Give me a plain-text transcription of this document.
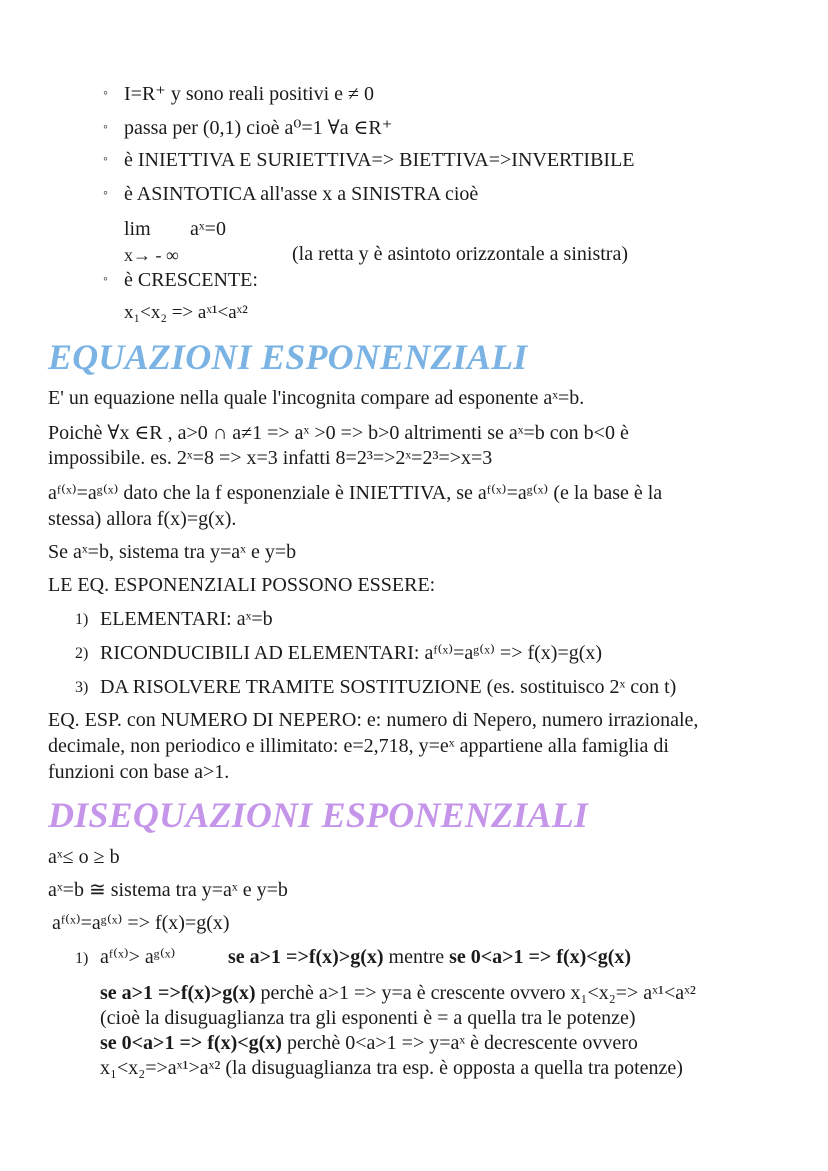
◦ I=R⁺ y sono reali positivi e ≠ 0
◦ passa per (0,1) cioè a⁰=1 ∀a ∈R⁺
◦ è INIETTIVA E SURIETTIVA=> BIETTIVA=>INVERTIBILE
◦ è ASINTOTICA all'asse x a SINISTRA cioè
lim aˣ=0
x→ - ∞	(la retta y è asintoto orizzontale a sinistra)
◦ è CRESCENTE:
x₁<x₂ => aˣ¹<aˣ²
EQUAZIONI ESPONENZIALI
E' un equazione nella quale l'incognita compare ad esponente aˣ=b.
Poichè ∀x ∈R , a>0 ∩ a≠1 => aˣ >0 => b>0 altrimenti se aˣ=b con b<0 è
impossibile. es. 2ˣ=8 => x=3 infatti 8=2³=>2ˣ=2³=>x=3
aᶠ⁽ˣ⁾=aᵍ⁽ˣ⁾ dato che la f esponenziale è INIETTIVA, se aᶠ⁽ˣ⁾=aᵍ⁽ˣ⁾ (e la base è la
stessa) allora f(x)=g(x).
Se aˣ=b, sistema tra y=aˣ e y=b
LE EQ. ESPONENZIALI POSSONO ESSERE:
1) ELEMENTARI: aˣ=b
2) RICONDUCIBILI AD ELEMENTARI: aᶠ⁽ˣ⁾=aᵍ⁽ˣ⁾ => f(x)=g(x)
3) DA RISOLVERE TRAMITE SOSTITUZIONE (es. sostituisco 2ˣ con t)
EQ. ESP. con NUMERO DI NEPERO: e: numero di Nepero, numero irrazionale,
decimale, non periodico e illimitato: e=2,718, y=eˣ appartiene alla famiglia di
funzioni con base a>1.
DISEQUAZIONI ESPONENZIALI
aˣ≤ o ≥ b
aˣ=b ≅ sistema tra y=aˣ e y=b
aᶠ⁽ˣ⁾=aᵍ⁽ˣ⁾ => f(x)=g(x)
1) aᶠ⁽ˣ⁾> aᵍ⁽ˣ⁾	se a>1 =>f(x)>g(x) mentre se 0<a>1 => f(x)<g(x)
se a>1 =>f(x)>g(x) perchè a>1 => y=a è crescente ovvero x₁<x₂=> aˣ¹<aˣ²
(cioè la disuguaglianza tra gli esponenti è = a quella tra le potenze)
se 0<a>1 => f(x)<g(x) perchè 0<a>1 => y=aˣ è decrescente ovvero
x₁<x₂=>aˣ¹>aˣ² (la disuguaglianza tra esp. è opposta a quella tra potenze)
